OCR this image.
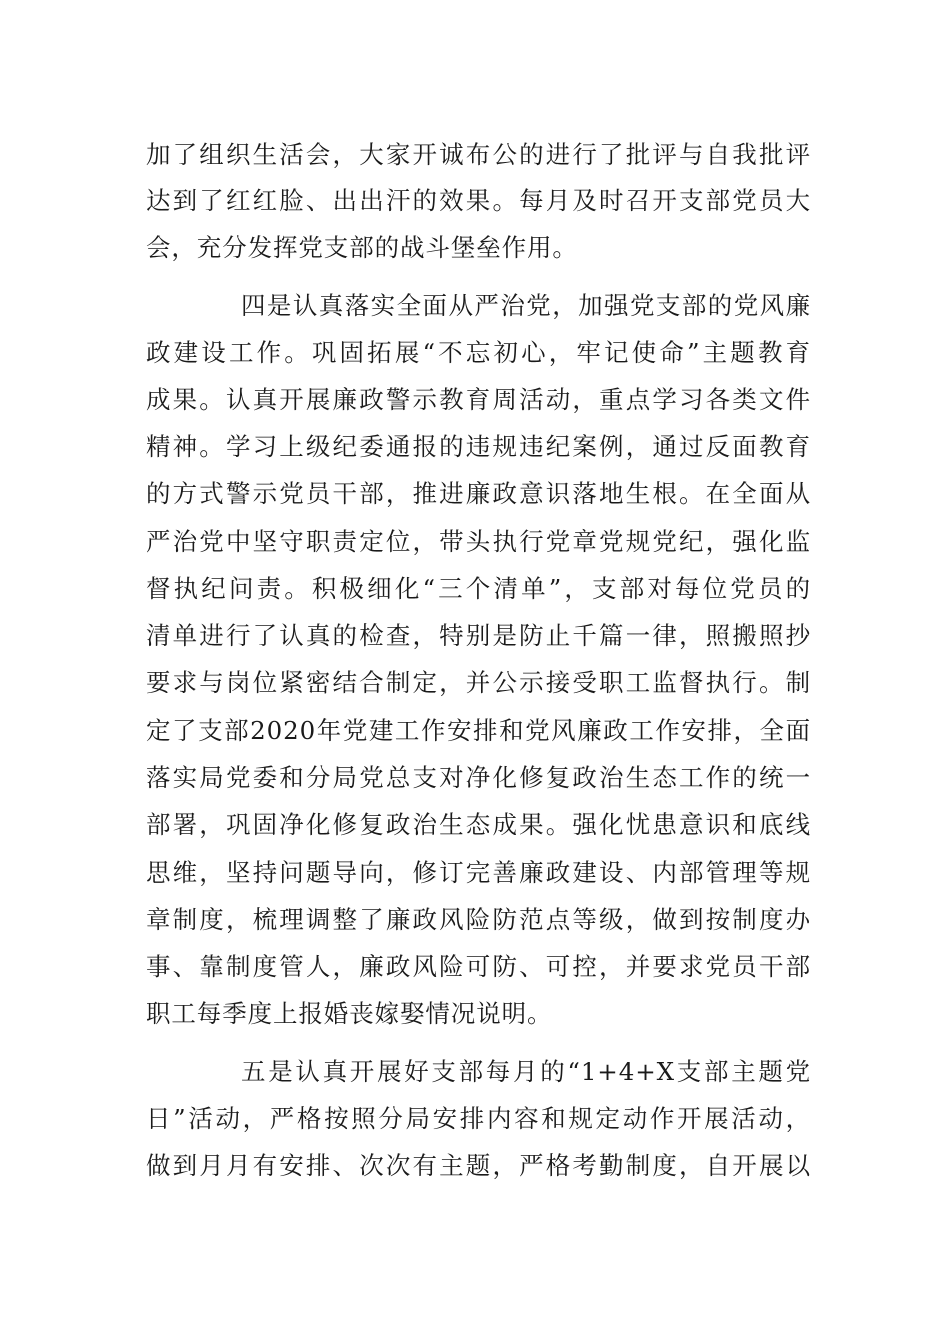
加了组织生活会，大家开诚布公的进行了批评与自我批评
达到了红红脸、出出汗的效果。每月及时召开支部党员大
会，充分发挥党支部的战斗堡垒作用。
四是认真落实全面从严治党，加强党支部的党风廉
政建设工作。巩固拓展“不忘初心，牢记使命”主题教育
成果。认真开展廉政警示教育周活动，重点学习各类文件
精神。学习上级纪委通报的违规违纪案例，通过反面教育
的方式警示党员干部，推进廉政意识落地生根。在全面从
严治党中坚守职责定位，带头执行党章党规党纪，强化监
督执纪问责。积极细化“三个清单”，支部对每位党员的
清单进行了认真的检查，特别是防止千篇一律，照搬照抄
要求与岗位紧密结合制定，并公示接受职工监督执行。制
定了支部2020年党建工作安排和党风廉政工作安排，全面
落实局党委和分局党总支对净化修复政治生态工作的统一
部署，巩固净化修复政治生态成果。强化忧患意识和底线
思维，坚持问题导向，修订完善廉政建设、内部管理等规
章制度，梳理调整了廉政风险防范点等级，做到按制度办
事、靠制度管人，廉政风险可防、可控，并要求党员干部
职工每季度上报婚丧嫁娶情况说明。
五是认真开展好支部每月的“1+4+X支部主题党
日”活动，严格按照分局安排内容和规定动作开展活动，
做到月月有安排、次次有主题，严格考勤制度，自开展以
